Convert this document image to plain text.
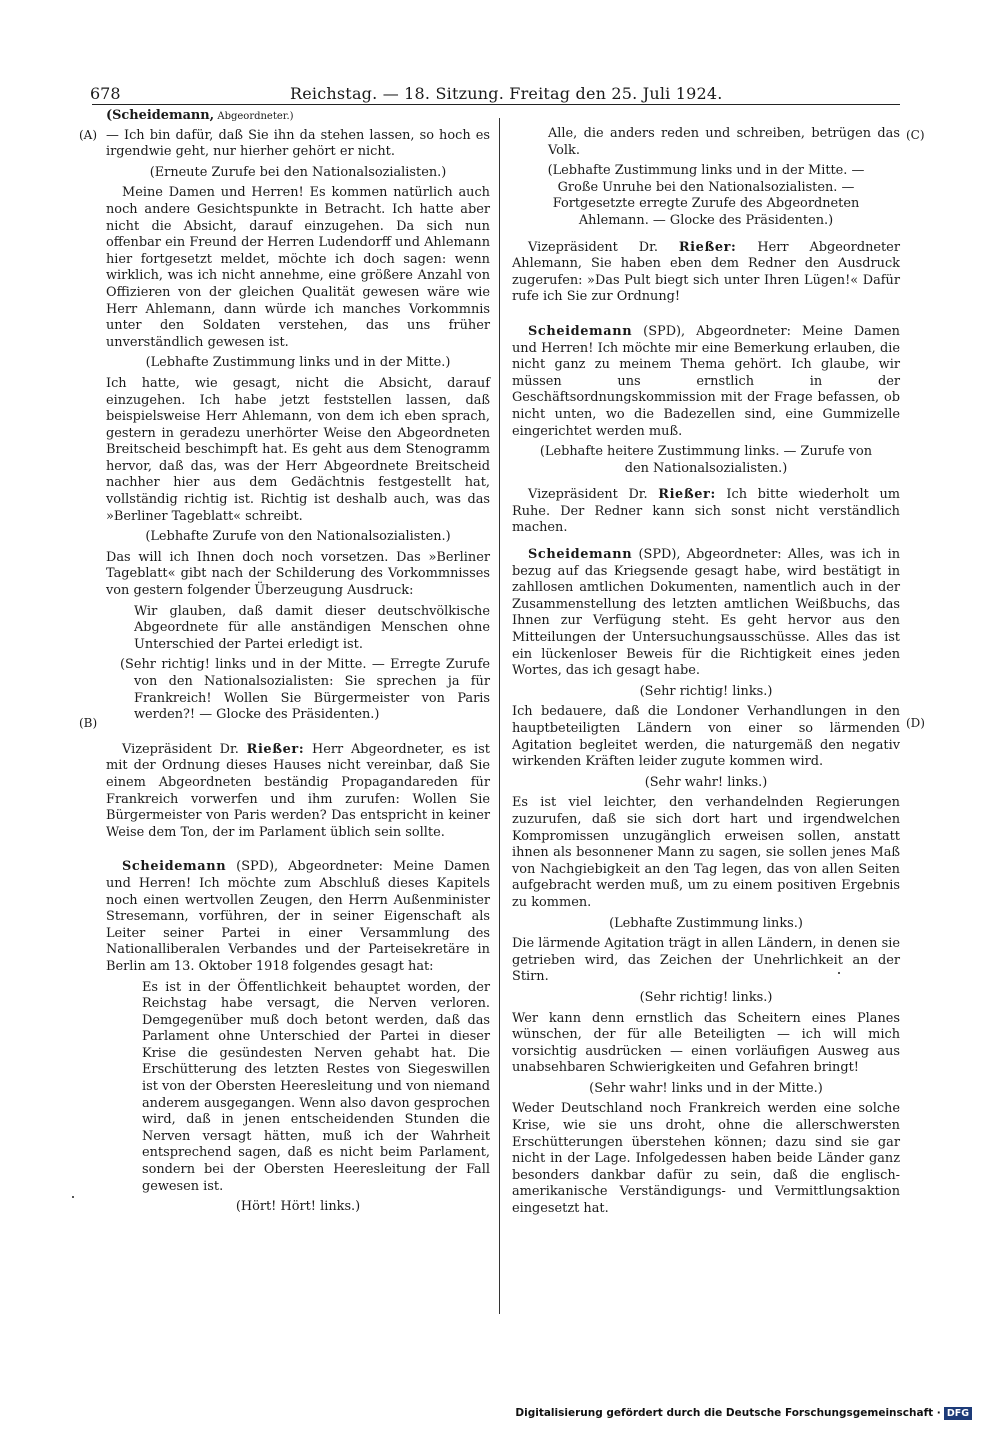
678	Reichstag. — 18. Sitzung. Freitag den 25. Juli 1924.
(A)
(B)
(C)
(D)

(Scheidemann, Abgeordneter.)

— Ich bin dafür, daß Sie ihn da stehen lassen, so hoch es irgendwie geht, nur hierher gehört er nicht.

(Erneute Zurufe bei den Nationalsozialisten.)

Meine Damen und Herren! Es kommen natürlich auch noch andere Gesichtspunkte in Betracht. Ich hatte aber nicht die Absicht, darauf einzugehen. Da sich nun offenbar ein Freund der Herren Ludendorff und Ahlemann hier fortgesetzt meldet, möchte ich doch sagen: wenn wirklich, was ich nicht annehme, eine größere Anzahl von Offizieren von der gleichen Qualität gewesen wäre wie Herr Ahlemann, dann würde ich manches Vorkommnis unter den Soldaten verstehen, das uns früher unverständlich gewesen ist.

(Lebhafte Zustimmung links und in der Mitte.)

Ich hatte, wie gesagt, nicht die Absicht, darauf einzugehen. Ich habe jetzt feststellen lassen, daß beispielsweise Herr Ahlemann, von dem ich eben sprach, gestern in geradezu unerhörter Weise den Abgeordneten Breitscheid beschimpft hat. Es geht aus dem Stenogramm hervor, daß das, was der Herr Abgeordnete Breitscheid nachher hier aus dem Gedächtnis festgestellt hat, vollständig richtig ist. Richtig ist deshalb auch, was das »Berliner Tageblatt« schreibt.

(Lebhafte Zurufe von den Nationalsozialisten.)

Das will ich Ihnen doch noch vorsetzen. Das »Berliner Tageblatt« gibt nach der Schilderung des Vorkommnisses von gestern folgender Überzeugung Ausdruck:

Wir glauben, daß damit dieser deutschvölkische Abgeordnete für alle anständigen Menschen ohne Unterschied der Partei erledigt ist.

(Sehr richtig! links und in der Mitte. — Erregte Zurufe von den Nationalsozialisten: Sie sprechen ja für Frankreich! Wollen Sie Bürgermeister von Paris werden?! — Glocke des Präsidenten.)

Vizepräsident Dr. Rießer: Herr Abgeordneter, es ist mit der Ordnung dieses Hauses nicht vereinbar, daß Sie einem Abgeordneten beständig Propagandareden für Frankreich vorwerfen und ihm zurufen: Wollen Sie Bürgermeister von Paris werden? Das entspricht in keiner Weise dem Ton, der im Parlament üblich sein sollte.

Scheidemann (SPD), Abgeordneter: Meine Damen und Herren! Ich möchte zum Abschluß dieses Kapitels noch einen wertvollen Zeugen, den Herrn Außenminister Stresemann, vorführen, der in seiner Eigenschaft als Leiter seiner Partei in einer Versammlung des Nationalliberalen Verbandes und der Parteisekretäre in Berlin am 13. Oktober 1918 folgendes gesagt hat:

Es ist in der Öffentlichkeit behauptet worden, der Reichstag habe versagt, die Nerven verloren. Demgegenüber muß doch betont werden, daß das Parlament ohne Unterschied der Partei in dieser Krise die gesündesten Nerven gehabt hat. Die Erschütterung des letzten Restes von Siegeswillen ist von der Obersten Heeresleitung und von niemand anderem ausgegangen. Wenn also davon gesprochen wird, daß in jenen entscheidenden Stunden die Nerven versagt hätten, muß ich der Wahrheit entsprechend sagen, daß es nicht beim Parlament, sondern bei der Obersten Heeresleitung der Fall gewesen ist.

(Hört! Hört! links.)

Alle, die anders reden und schreiben, betrügen das Volk.

(Lebhafte Zustimmung links und in der Mitte. — Große Unruhe bei den Nationalsozialisten. — Fortgesetzte erregte Zurufe des Abgeordneten Ahlemann. — Glocke des Präsidenten.)

Vizepräsident Dr. Rießer: Herr Abgeordneter Ahlemann, Sie haben eben dem Redner den Ausdruck zugerufen: »Das Pult biegt sich unter Ihren Lügen!« Dafür rufe ich Sie zur Ordnung!

Scheidemann (SPD), Abgeordneter: Meine Damen und Herren! Ich möchte mir eine Bemerkung erlauben, die nicht ganz zu meinem Thema gehört. Ich glaube, wir müssen uns ernstlich in der Geschäftsordnungskommission mit der Frage befassen, ob nicht unten, wo die Badezellen sind, eine Gummizelle eingerichtet werden muß.

(Lebhafte heitere Zustimmung links. — Zurufe von den Nationalsozialisten.)

Vizepräsident Dr. Rießer: Ich bitte wiederholt um Ruhe. Der Redner kann sich sonst nicht verständlich machen.

Scheidemann (SPD), Abgeordneter: Alles, was ich in bezug auf das Kriegsende gesagt habe, wird bestätigt in zahllosen amtlichen Dokumenten, namentlich auch in der Zusammenstellung des letzten amtlichen Weißbuchs, das Ihnen zur Verfügung steht. Es geht hervor aus den Mitteilungen der Untersuchungsausschüsse. Alles das ist ein lückenloser Beweis für die Richtigkeit eines jeden Wortes, das ich gesagt habe.

(Sehr richtig! links.)

Ich bedauere, daß die Londoner Verhandlungen in den hauptbeteiligten Ländern von einer so lärmenden Agitation begleitet werden, die naturgemäß den negativ wirkenden Kräften leider zugute kommen wird.

(Sehr wahr! links.)

Es ist viel leichter, den verhandelnden Regierungen zuzurufen, daß sie sich dort hart und irgendwelchen Kompromissen unzugänglich erweisen sollen, anstatt ihnen als besonnener Mann zu sagen, sie sollen jenes Maß von Nachgiebigkeit an den Tag legen, das von allen Seiten aufgebracht werden muß, um zu einem positiven Ergebnis zu kommen.

(Lebhafte Zustimmung links.)

Die lärmende Agitation trägt in allen Ländern, in denen sie getrieben wird, das Zeichen der Unehrlichkeit an der Stirn.

(Sehr richtig! links.)

Wer kann denn ernstlich das Scheitern eines Planes wünschen, der für alle Beteiligten — ich will mich vorsichtig ausdrücken — einen vorläufigen Ausweg aus unabsehbaren Schwierigkeiten und Gefahren bringt!

(Sehr wahr! links und in der Mitte.)

Weder Deutschland noch Frankreich werden eine solche Krise, wie sie uns droht, ohne die allerschwersten Erschütterungen überstehen können; dazu sind sie gar nicht in der Lage. Infolgedessen haben beide Länder ganz besonders dankbar dafür zu sein, daß die englisch-amerikanische Verständigungs- und Vermittlungsaktion eingesetzt hat.

Digitalisierung gefördert durch die Deutsche Forschungsgemeinschaft · DFG
